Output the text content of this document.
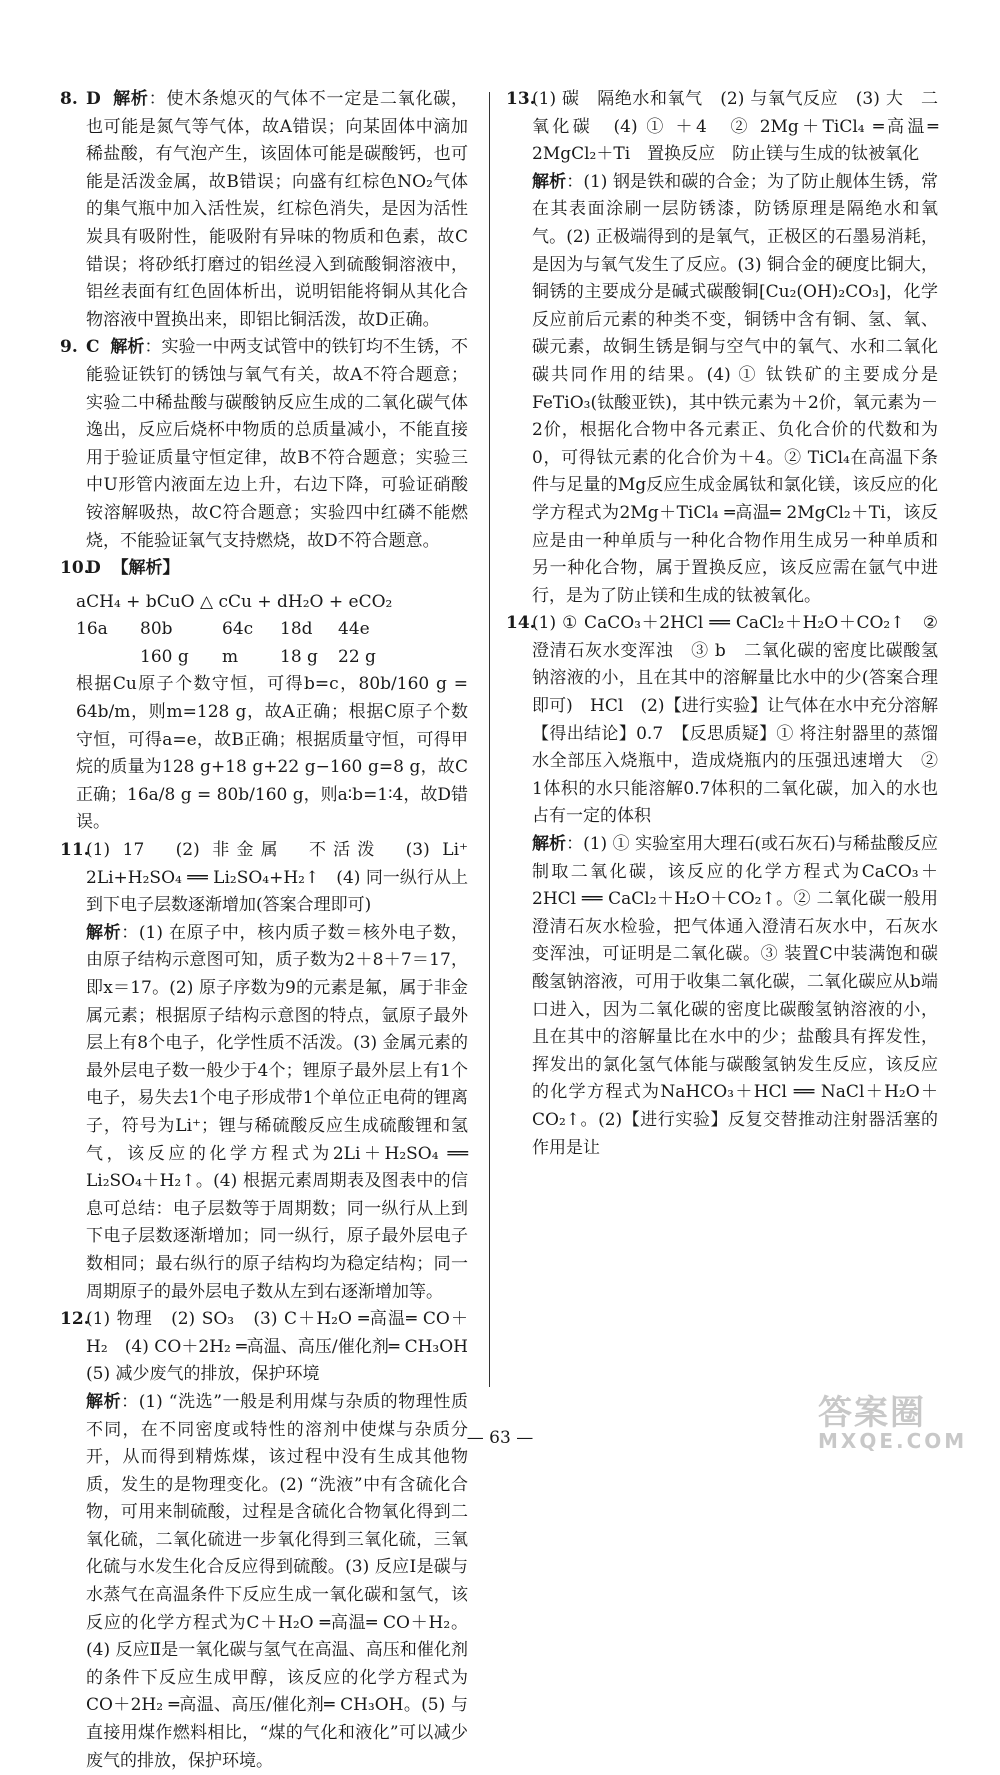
8. D 解析：使木条熄灭的气体不一定是二氧化碳，也可能是氮气等气体，故A错误；向某固体中滴加稀盐酸，有气泡产生，该固体可能是碳酸钙，也可能是活泼金属，故B错误；向盛有红棕色NO₂气体的集气瓶中加入活性炭，红棕色消失，是因为活性炭具有吸附性，能吸附有异味的物质和色素，故C错误；将砂纸打磨过的铝丝浸入到硫酸铜溶液中，铝丝表面有红色固体析出，说明铝能将铜从其化合物溶液中置换出来，即铝比铜活泼，故D正确。
9. C 解析：实验一中两支试管中的铁钉均不生锈，不能验证铁钉的锈蚀与氧气有关，故A不符合题意；实验二中稀盐酸与碳酸钠反应生成的二氧化碳气体逸出，反应后烧杯中物质的总质量减小，不能直接用于验证质量守恒定律，故B不符合题意；实验三中U形管内液面左边上升，右边下降，可验证硝酸铵溶解吸热，故C符合题意；实验四中红磷不能燃烧，不能验证氧气支持燃烧，故D不符合题意。
10.
D 【解析】
aCH₄ + bCuO △ cCu + dH₂O + eCO₂
16a	80b	64c	18d	44e
160 g	m	18 g	22 g
根据Cu原子个数守恒，可得b=c，80b/160 g = 64b/m，则m=128 g，故A正确；根据C原子个数守恒，可得a=e，故B正确；根据质量守恒，可得甲烷的质量为128 g+18 g+22 g−160 g=8 g，故C正确；16a/8 g = 80b/160 g，则a∶b=1∶4，故D错误。
11.
(1) 17　(2) 非金属　不活泼　(3) Li⁺　2Li+H₂SO₄ ══ Li₂SO₄+H₂↑　(4) 同一纵行从上到下电子层数逐渐增加(答案合理即可)
解析：(1) 在原子中，核内质子数＝核外电子数，由原子结构示意图可知，质子数为2＋8＋7＝17，即x＝17。(2) 原子序数为9的元素是氟，属于非金属元素；根据原子结构示意图的特点，氩原子最外层上有8个电子，化学性质不活泼。(3) 金属元素的最外层电子数一般少于4个；锂原子最外层上有1个电子，易失去1个电子形成带1个单位正电荷的锂离子，符号为Li⁺；锂与稀硫酸反应生成硫酸锂和氢气，该反应的化学方程式为2Li＋H₂SO₄ ══ Li₂SO₄＋H₂↑。(4) 根据元素周期表及图表中的信息可总结：电子层数等于周期数；同一纵行从上到下电子层数逐渐增加；同一纵行，原子最外层电子数相同；最右纵行的原子结构均为稳定结构；同一周期原子的最外层电子数从左到右逐渐增加等。
12.
(1) 物理　(2) SO₃　(3) C＋H₂O ═高温═ CO＋H₂　(4) CO＋2H₂ ═高温、高压/催化剂═ CH₃OH　(5) 减少废气的排放，保护环境
解析：(1) “洗选”一般是利用煤与杂质的物理性质不同，在不同密度或特性的溶剂中使煤与杂质分开，从而得到精炼煤，该过程中没有生成其他物质，发生的是物理变化。(2) “洗液”中有含硫化合物，可用来制硫酸，过程是含硫化合物氧化得到二氧化硫，二氧化硫进一步氧化得到三氧化硫，三氧化硫与水发生化合反应得到硫酸。(3) 反应Ⅰ是碳与水蒸气在高温条件下反应生成一氧化碳和氢气，该反应的化学方程式为C＋H₂O ═高温═ CO＋H₂。(4) 反应Ⅱ是一氧化碳与氢气在高温、高压和催化剂的条件下反应生成甲醇，该反应的化学方程式为CO＋2H₂ ═高温、高压/催化剂═ CH₃OH。(5) 与直接用煤作燃料相比，“煤的气化和液化”可以减少废气的排放，保护环境。
13.
(1) 碳　隔绝水和氧气　(2) 与氧气反应　(3) 大　二氧化碳　(4) ① ＋4　② 2Mg＋TiCl₄ ═高温═ 2MgCl₂＋Ti　置换反应　防止镁与生成的钛被氧化
解析：(1) 钢是铁和碳的合金；为了防止舰体生锈，常在其表面涂刷一层防锈漆，防锈原理是隔绝水和氧气。(2) 正极端得到的是氧气，正极区的石墨易消耗，是因为与氧气发生了反应。(3) 铜合金的硬度比铜大，铜锈的主要成分是碱式碳酸铜[Cu₂(OH)₂CO₃]，化学反应前后元素的种类不变，铜锈中含有铜、氢、氧、碳元素，故铜生锈是铜与空气中的氧气、水和二氧化碳共同作用的结果。(4) ① 钛铁矿的主要成分是FeTiO₃(钛酸亚铁)，其中铁元素为＋2价，氧元素为－2价，根据化合物中各元素正、负化合价的代数和为0，可得钛元素的化合价为＋4。② TiCl₄在高温下条件与足量的Mg反应生成金属钛和氯化镁，该反应的化学方程式为2Mg＋TiCl₄ ═高温═ 2MgCl₂＋Ti，该反应是由一种单质与一种化合物作用生成另一种单质和另一种化合物，属于置换反应，该反应需在氩气中进行，是为了防止镁和生成的钛被氧化。
14.
(1) ① CaCO₃＋2HCl ══ CaCl₂＋H₂O＋CO₂↑　② 澄清石灰水变浑浊　③ b　二氧化碳的密度比碳酸氢钠溶液的小，且在其中的溶解量比水中的少(答案合理即可)　HCl　(2)【进行实验】让气体在水中充分溶解　【得出结论】0.7　【反思质疑】① 将注射器里的蒸馏水全部压入烧瓶中，造成烧瓶内的压强迅速增大　② 1体积的水只能溶解0.7体积的二氧化碳，加入的水也占有一定的体积
解析：(1) ① 实验室用大理石(或石灰石)与稀盐酸反应制取二氧化碳，该反应的化学方程式为CaCO₃＋2HCl ══ CaCl₂＋H₂O＋CO₂↑。② 二氧化碳一般用澄清石灰水检验，把气体通入澄清石灰水中，石灰水变浑浊，可证明是二氧化碳。③ 装置C中装满饱和碳酸氢钠溶液，可用于收集二氧化碳，二氧化碳应从b端口进入，因为二氧化碳的密度比碳酸氢钠溶液的小，且在其中的溶解量比在水中的少；盐酸具有挥发性，挥发出的氯化氢气体能与碳酸氢钠发生反应，该反应的化学方程式为NaHCO₃＋HCl ══ NaCl＋H₂O＋CO₂↑。(2)【进行实验】反复交替推动注射器活塞的作用是让
— 63 —
答案圈
MXQE.COM
